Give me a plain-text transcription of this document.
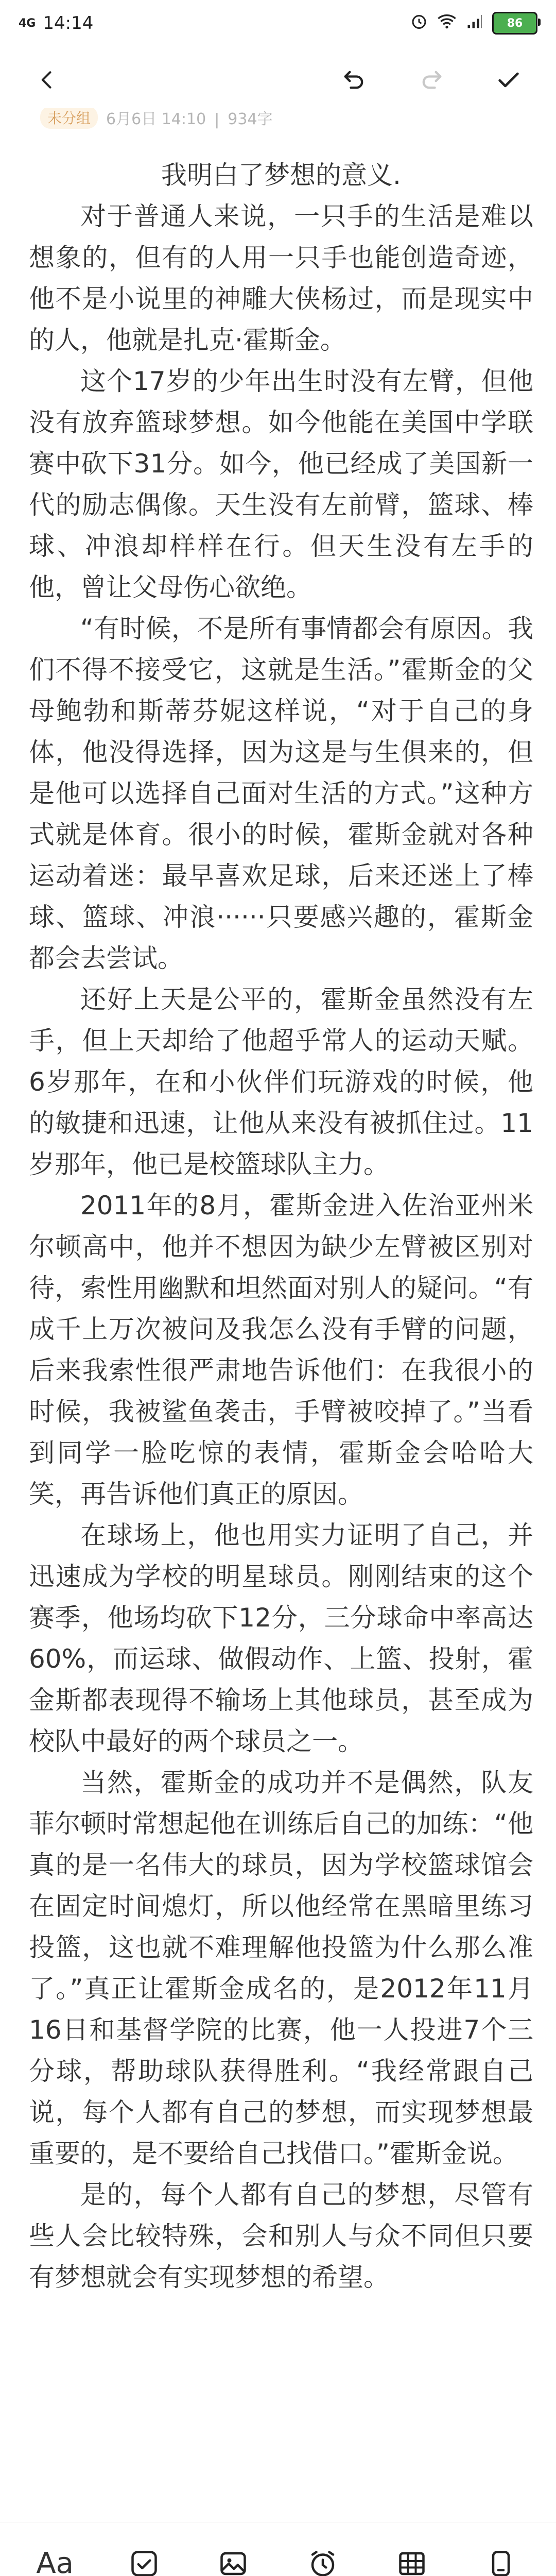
4G 14:14	86
未分组	6月6日 14:10 | 934字

我明白了梦想的意义.

对于普通人来说，一只手的生活是难以想象的，但有的人用一只手也能创造奇迹，他不是小说里的神雕大侠杨过，而是现实中的人，他就是扎克·霍斯金。

这个17岁的少年出生时没有左臂，但他没有放弃篮球梦想。如今他能在美国中学联赛中砍下31分。如今，他已经成了美国新一代的励志偶像。天生没有左前臂，篮球、棒球、冲浪却样样在行。但天生没有左手的他，曾让父母伤心欲绝。

“有时候，不是所有事情都会有原因。我们不得不接受它，这就是生活。”霍斯金的父母鲍勃和斯蒂芬妮这样说，“对于自己的身体，他没得选择，因为这是与生俱来的，但是他可以选择自己面对生活的方式。”这种方式就是体育。很小的时候，霍斯金就对各种运动着迷：最早喜欢足球，后来还迷上了棒球、篮球、冲浪······只要感兴趣的，霍斯金都会去尝试。

还好上天是公平的，霍斯金虽然没有左手，但上天却给了他超乎常人的运动天赋。6岁那年，在和小伙伴们玩游戏的时候，他的敏捷和迅速，让他从来没有被抓住过。11岁那年，他已是校篮球队主力。

2011年的8月，霍斯金进入佐治亚州米尔顿高中，他并不想因为缺少左臂被区别对待，索性用幽默和坦然面对别人的疑问。“有成千上万次被问及我怎么没有手臂的问题，后来我索性很严肃地告诉他们：在我很小的时候，我被鲨鱼袭击，手臂被咬掉了。”当看到同学一脸吃惊的表情，霍斯金会哈哈大笑，再告诉他们真正的原因。

在球场上，他也用实力证明了自己，并迅速成为学校的明星球员。刚刚结束的这个赛季，他场均砍下12分，三分球命中率高达60%，而运球、做假动作、上篮、投射，霍金斯都表现得不输场上其他球员，甚至成为校队中最好的两个球员之一。

当然，霍斯金的成功并不是偶然，队友菲尔顿时常想起他在训练后自己的加练：“他真的是一名伟大的球员，因为学校篮球馆会在固定时间熄灯，所以他经常在黑暗里练习投篮，这也就不难理解他投篮为什么那么准了。”真正让霍斯金成名的，是2012年11月16日和基督学院的比赛，他一人投进7个三分球，帮助球队获得胜利。“我经常跟自己说，每个人都有自己的梦想，而实现梦想最重要的，是不要给自己找借口。”霍斯金说。

是的，每个人都有自己的梦想，尽管有些人会比较特殊，会和别人与众不同但只要有梦想就会有实现梦想的希望。

Aa
